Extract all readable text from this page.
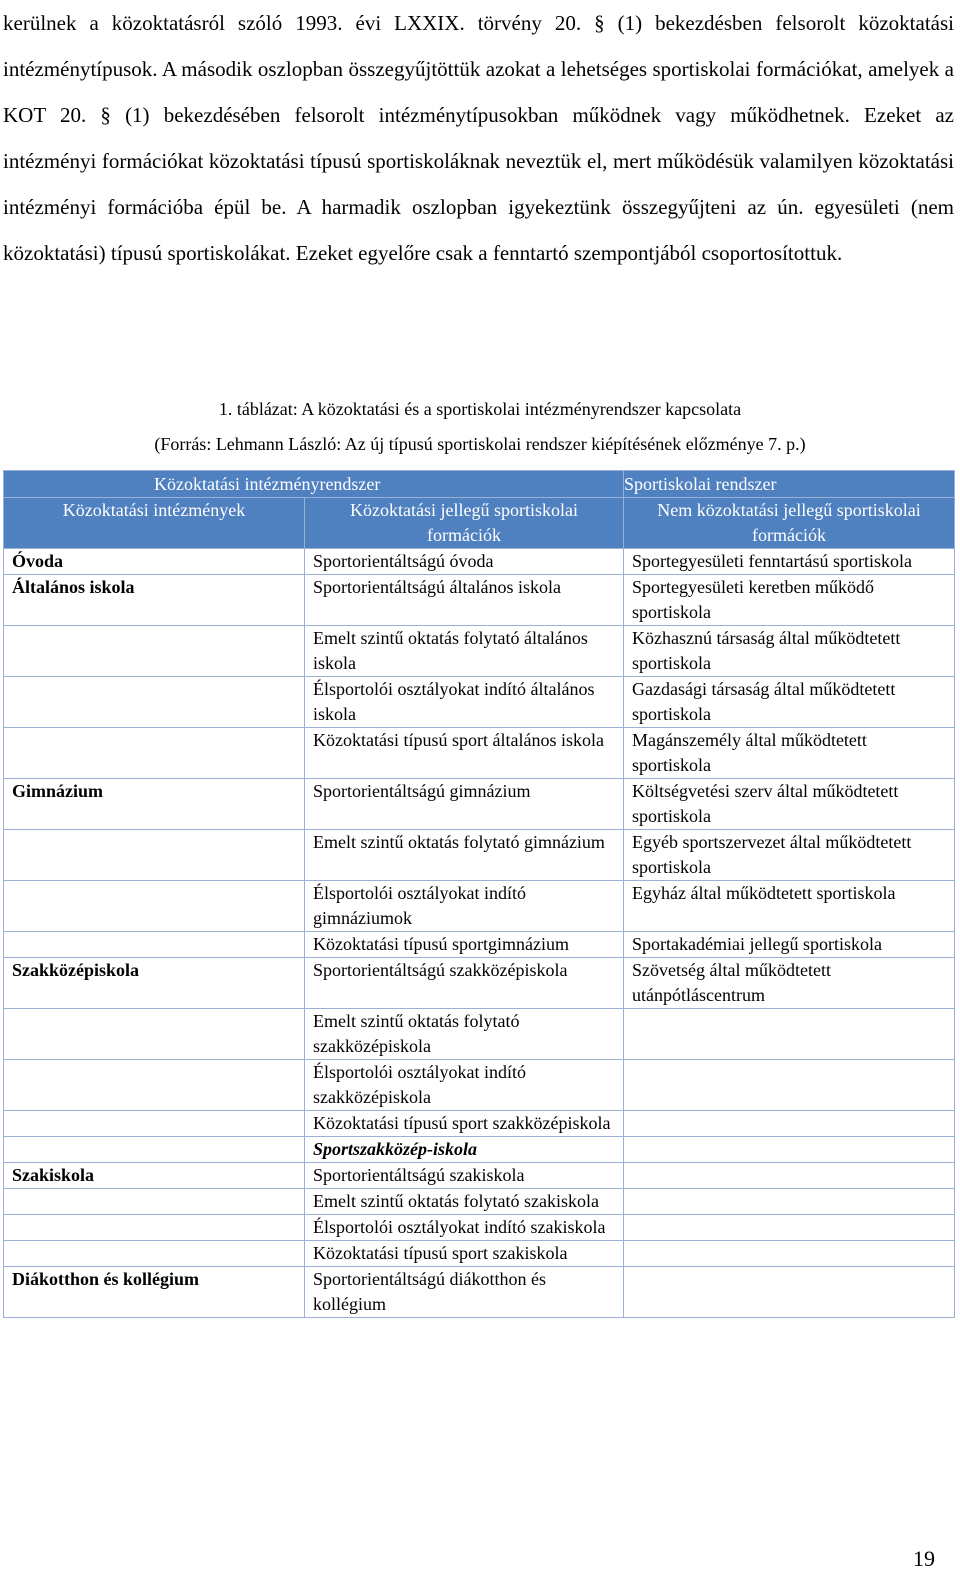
kerülnek a közoktatásról szóló 1993. évi LXXIX. törvény 20. § (1) bekezdésben felsorolt közoktatási intézménytípusok. A második oszlopban összegyűjtöttük azokat a lehetséges sportiskolai formációkat, amelyek a KOT 20. § (1) bekezdésében felsorolt intézménytípusokban működnek vagy működhetnek. Ezeket az intézményi formációkat közoktatási típusú sportiskoláknak neveztük el, mert működésük valamilyen közoktatási intézményi formációba épül be. A harmadik oszlopban igyekeztünk összegyűjteni az ún. egyesületi (nem közoktatási) típusú sportiskolákat. Ezeket egyelőre csak a fenntartó szempontjából csoportosítottuk.

1. táblázat: A közoktatási és a sportiskolai intézményrendszer kapcsolata

(Forrás: Lehmann László: Az új típusú sportiskolai rendszer kiépítésének előzménye 7. p.)

Közoktatási intézményrendszer		Sportiskolai rendszer
Közoktatási intézmények	Közoktatási jellegű sportiskolai formációk	Nem közoktatási jellegű sportiskolai formációk
Óvoda	Sportorientáltságú óvoda	Sportegyesületi fenntartású sportiskola
Általános iskola	Sportorientáltságú általános iskola	Sportegyesületi keretben működő sportiskola
	Emelt szintű oktatás folytató általános iskola	Közhasznú társaság által működtetett sportiskola
	Élsportolói osztályokat indító általános iskola	Gazdasági társaság által működtetett sportiskola
	Közoktatási típusú sport általános iskola	Magánszemély által működtetett sportiskola
Gimnázium	Sportorientáltságú gimnázium	Költségvetési szerv által működtetett sportiskola
	Emelt szintű oktatás folytató gimnázium	Egyéb sportszervezet által működtetett sportiskola
	Élsportolói osztályokat indító gimnáziumok	Egyház által működtetett sportiskola
	Közoktatási típusú sportgimnázium	Sportakadémiai jellegű sportiskola
Szakközépiskola	Sportorientáltságú szakközépiskola	Szövetség által működtetett utánpótláscentrum
	Emelt szintű oktatás folytató szakközépiskola	
	Élsportolói osztályokat indító szakközépiskola	
	Közoktatási típusú sport szakközépiskola	
	Sportszakközép-iskola	
Szakiskola	Sportorientáltságú szakiskola	
	Emelt szintű oktatás folytató szakiskola	
	Élsportolói osztályokat indító szakiskola	
	Közoktatási típusú sport szakiskola	
Diákotthon és kollégium	Sportorientáltságú diákotthon és kollégium	
19
